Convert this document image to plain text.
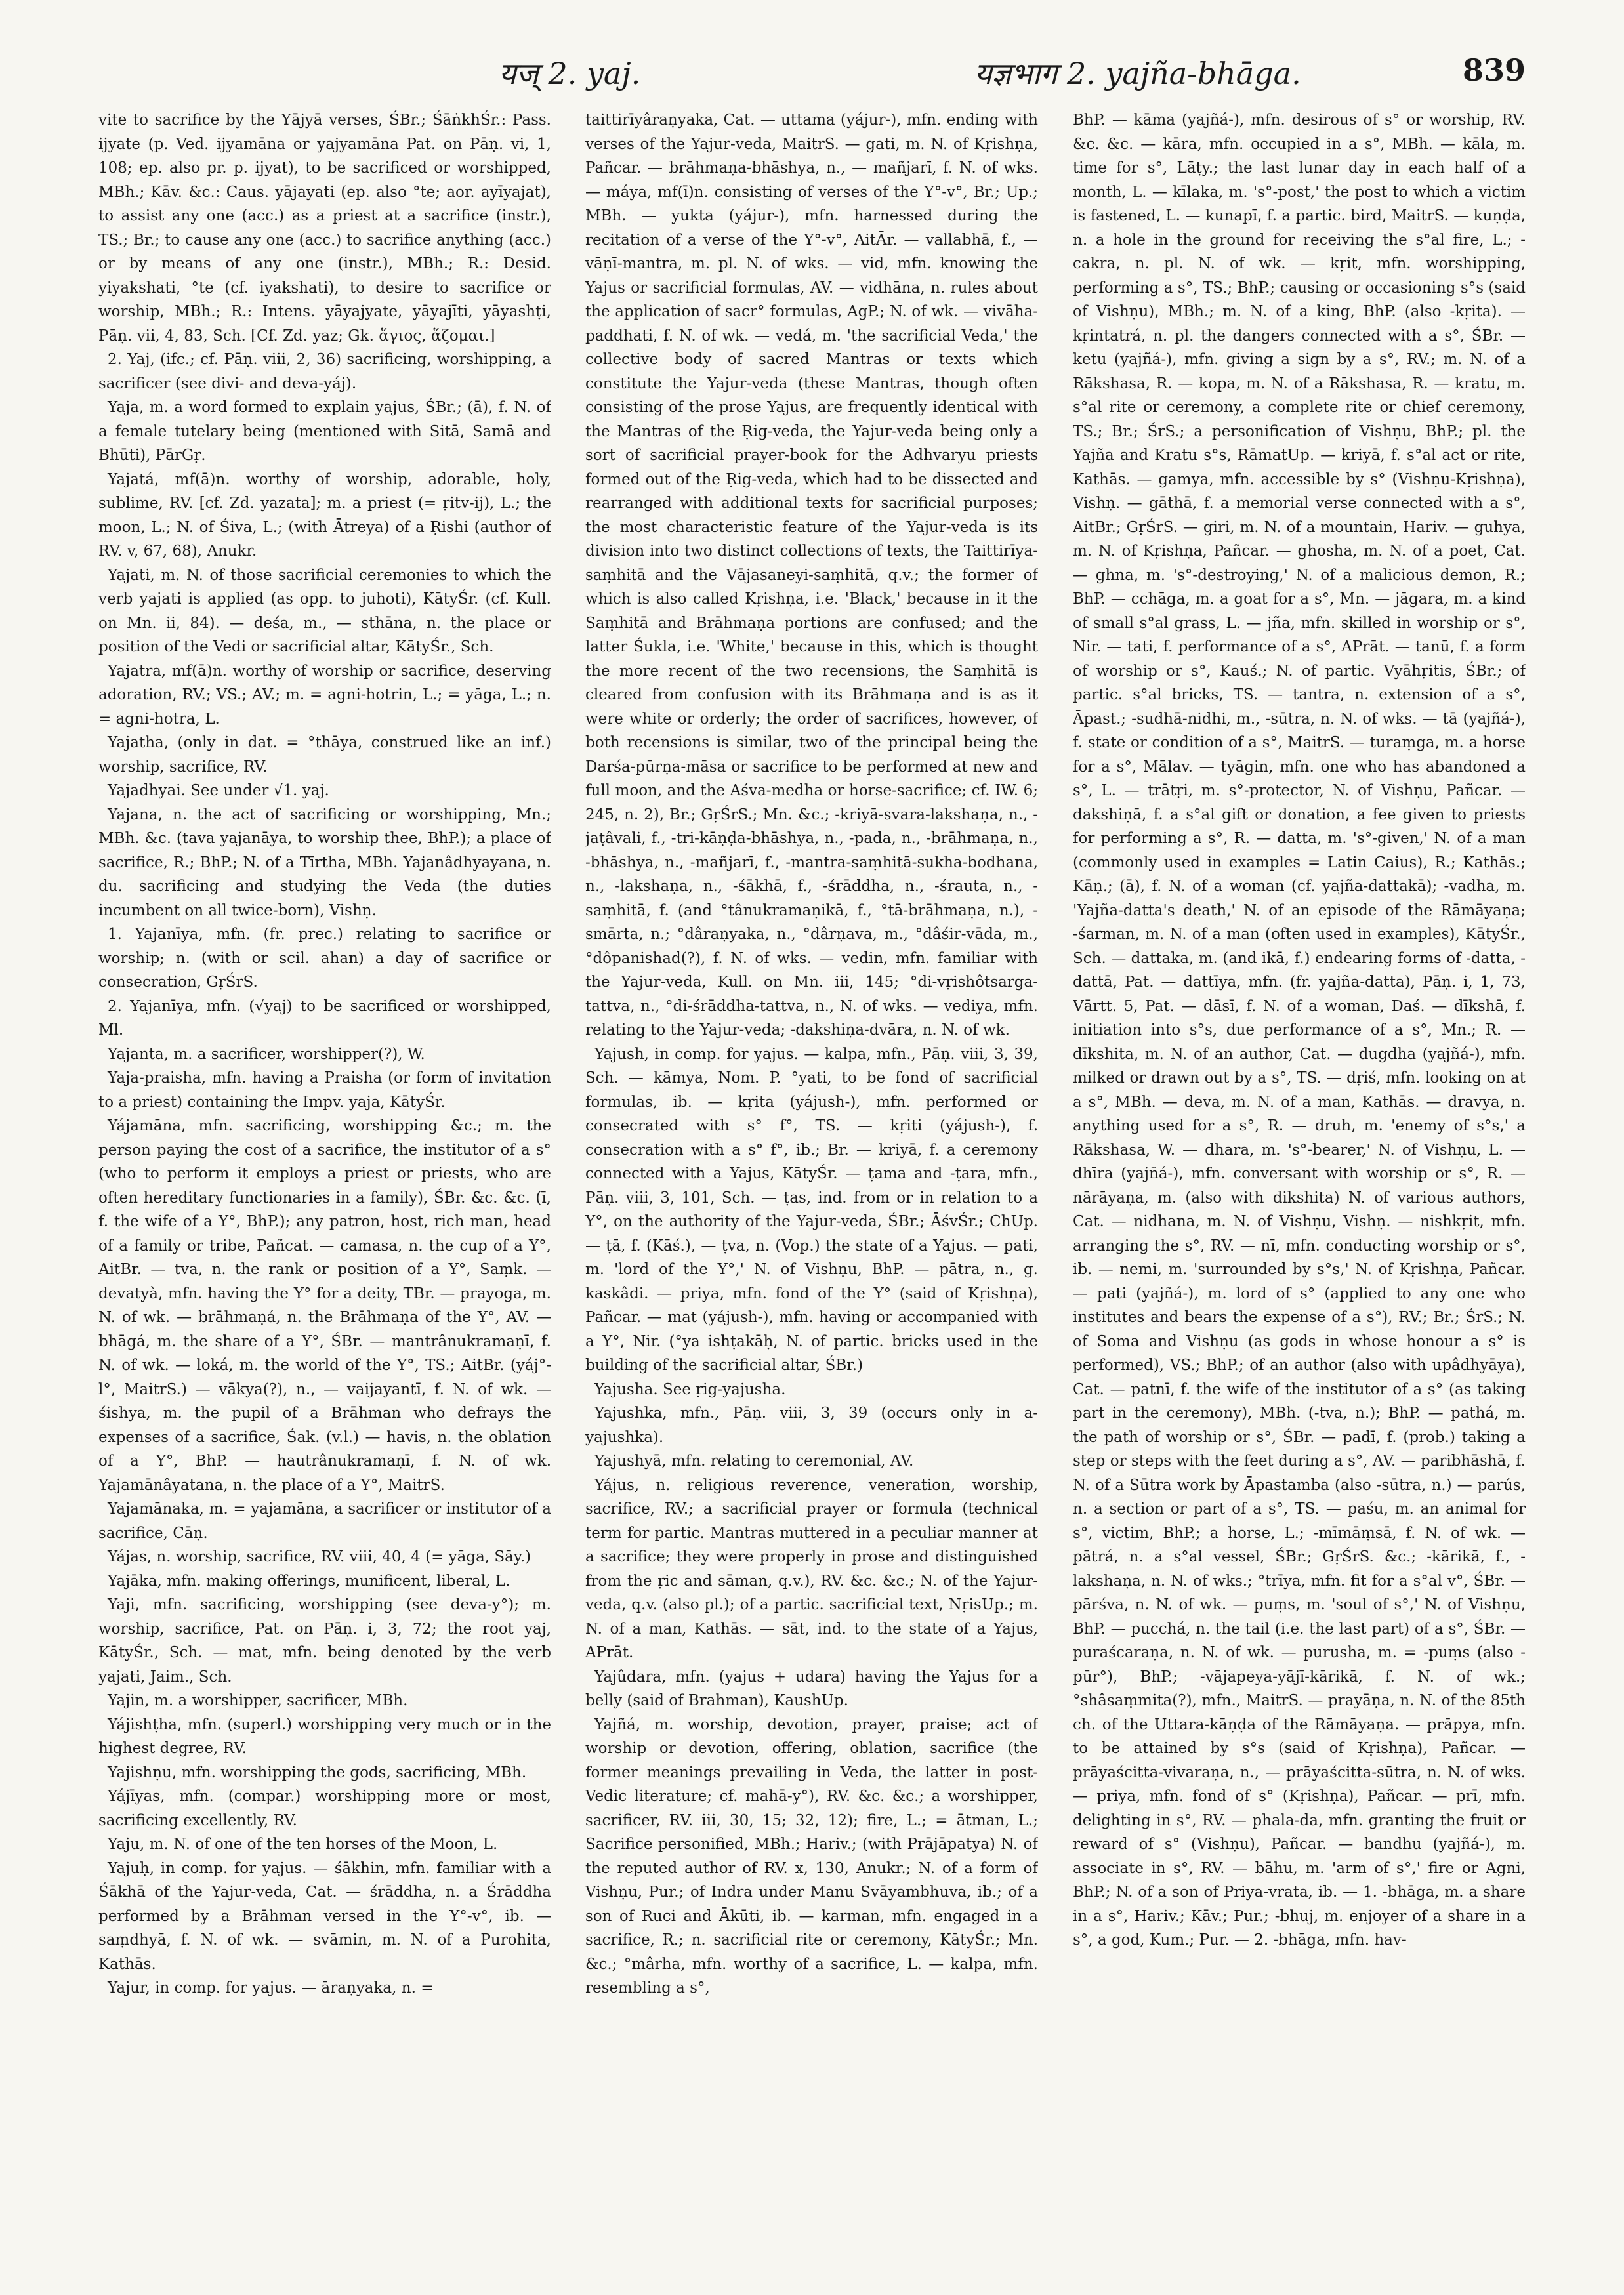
यज् 2. yaj.	यज्ञभाग 2. yajña-bhāga.	839

vite to sacrifice by the Yājyā verses, ŚBr.; ŚāṅkhŚr.: Pass. ijyate (p. Ved. ijyamāna or yajyamāna Pat. on Pāṇ. vi, 1, 108; ep. also pr. p. ijyat), to be sacrificed or worshipped, MBh.; Kāv. &c.: Caus. yājayati (ep. also °te; aor. ayīyajat), to assist any one (acc.) as a priest at a sacrifice (instr.), TS.; Br.; to cause any one (acc.) to sacrifice anything (acc.) or by means of any one (instr.), MBh.; R.: Desid. yiyakshati, °te (cf. iyakshati), to desire to sacrifice or worship, MBh.; R.: Intens. yāyajyate, yāyajīti, yāyashṭi, Pāṇ. vii, 4, 83, Sch. [Cf. Zd. yaz; Gk. ἅγιος, ἅζομαι.]

2. Yaj, (ifc.; cf. Pāṇ. viii, 2, 36) sacrificing, worshipping, a sacrificer (see divi- and deva-yáj).

Yaja, m. a word formed to explain yajus, ŚBr.; (ā), f. N. of a female tutelary being (mentioned with Sitā, Samā and Bhūti), PārGṛ.

Yajatá, mf(ā)n. worthy of worship, adorable, holy, sublime, RV. [cf. Zd. yazata]; m. a priest (= ṛitv-ij), L.; the moon, L.; N. of Śiva, L.; (with Ātreya) of a Ṛishi (author of RV. v, 67, 68), Anukr.

Yajati, m. N. of those sacrificial ceremonies to which the verb yajati is applied (as opp. to juhoti), KātyŚr. (cf. Kull. on Mn. ii, 84). — deśa, m., — sthāna, n. the place or position of the Vedi or sacrificial altar, KātyŚr., Sch.

Yajatra, mf(ā)n. worthy of worship or sacrifice, deserving adoration, RV.; VS.; AV.; m. = agni-hotrin, L.; = yāga, L.; n. = agni-hotra, L.

Yajatha, (only in dat. = °thāya, construed like an inf.) worship, sacrifice, RV.

Yajadhyai. See under √1. yaj.

Yajana, n. the act of sacrificing or worshipping, Mn.; MBh. &c. (tava yajanāya, to worship thee, BhP.); a place of sacrifice, R.; BhP.; N. of a Tīrtha, MBh. Yajanâdhyayana, n. du. sacrificing and studying the Veda (the duties incumbent on all twice-born), Vishṇ.

1. Yajanīya, mfn. (fr. prec.) relating to sacrifice or worship; n. (with or scil. ahan) a day of sacrifice or consecration, GṛŚrS.

2. Yajanīya, mfn. (√yaj) to be sacrificed or worshipped, Ml.

Yajanta, m. a sacrificer, worshipper(?), W.

Yaja-praisha, mfn. having a Praisha (or form of invitation to a priest) containing the Impv. yaja, KātyŚr.

Yájamāna, mfn. sacrificing, worshipping &c.; m. the person paying the cost of a sacrifice, the institutor of a s° (who to perform it employs a priest or priests, who are often hereditary functionaries in a family), ŚBr. &c. &c. (ī, f. the wife of a Y°, BhP.); any patron, host, rich man, head of a family or tribe, Pañcat. — camasa, n. the cup of a Y°, AitBr. — tva, n. the rank or position of a Y°, Saṃk. — devatyà, mfn. having the Y° for a deity, TBr. — prayoga, m. N. of wk. — brāhmaṇá, n. the Brāhmaṇa of the Y°, AV. — bhāgá, m. the share of a Y°, ŚBr. — mantrânukramaṇī, f. N. of wk. — loká, m. the world of the Y°, TS.; AitBr. (yáj°-l°, MaitrS.) — vākya(?), n., — vaijayantī, f. N. of wk. — śishya, m. the pupil of a Brāhman who defrays the expenses of a sacrifice, Śak. (v.l.) — havis, n. the oblation of a Y°, BhP. — hautrânukramaṇī, f. N. of wk. Yajamānâyatana, n. the place of a Y°, MaitrS.

Yajamānaka, m. = yajamāna, a sacrificer or institutor of a sacrifice, Cāṇ.

Yájas, n. worship, sacrifice, RV. viii, 40, 4 (= yāga, Sāy.)

Yajāka, mfn. making offerings, munificent, liberal, L.

Yaji, mfn. sacrificing, worshipping (see deva-y°); m. worship, sacrifice, Pat. on Pāṇ. i, 3, 72; the root yaj, KātyŚr., Sch. — mat, mfn. being denoted by the verb yajati, Jaim., Sch.

Yajin, m. a worshipper, sacrificer, MBh.

Yájishṭha, mfn. (superl.) worshipping very much or in the highest degree, RV.

Yajishṇu, mfn. worshipping the gods, sacrificing, MBh.

Yájīyas, mfn. (compar.) worshipping more or most, sacrificing excellently, RV.

Yaju, m. N. of one of the ten horses of the Moon, L.

Yajuḥ, in comp. for yajus. — śākhin, mfn. familiar with a Śākhā of the Yajur-veda, Cat. — śrāddha, n. a Śrāddha performed by a Brāhman versed in the Y°-v°, ib. — saṃdhyā, f. N. of wk. — svāmin, m. N. of a Purohita, Kathās.

Yajur, in comp. for yajus. — āraṇyaka, n. =

taittirīyâraṇyaka, Cat. — uttama (yájur-), mfn. ending with verses of the Yajur-veda, MaitrS. — gati, m. N. of Kṛishṇa, Pañcar. — brāhmaṇa-bhāshya, n., — mañjarī, f. N. of wks. — máya, mf(ī)n. consisting of verses of the Y°-v°, Br.; Up.; MBh. — yukta (yájur-), mfn. harnessed during the recitation of a verse of the Y°-v°, AitĀr. — vallabhā, f., — vāṇī-mantra, m. pl. N. of wks. — vid, mfn. knowing the Yajus or sacrificial formulas, AV. — vidhāna, n. rules about the application of sacr° formulas, AgP.; N. of wk. — vivāha-paddhati, f. N. of wk. — vedá, m. 'the sacrificial Veda,' the collective body of sacred Mantras or texts which constitute the Yajur-veda (these Mantras, though often consisting of the prose Yajus, are frequently identical with the Mantras of the Ṛig-veda, the Yajur-veda being only a sort of sacrificial prayer-book for the Adhvaryu priests formed out of the Ṛig-veda, which had to be dissected and rearranged with additional texts for sacrificial purposes; the most characteristic feature of the Yajur-veda is its division into two distinct collections of texts, the Taittirīya-saṃhitā and the Vājasaneyi-saṃhitā, q.v.; the former of which is also called Kṛishṇa, i.e. 'Black,' because in it the Saṃhitā and Brāhmaṇa portions are confused; and the latter Śukla, i.e. 'White,' because in this, which is thought the more recent of the two recensions, the Saṃhitā is cleared from confusion with its Brāhmaṇa and is as it were white or orderly; the order of sacrifices, however, of both recensions is similar, two of the principal being the Darśa-pūrṇa-māsa or sacrifice to be performed at new and full moon, and the Aśva-medha or horse-sacrifice; cf. IW. 6; 245, n. 2), Br.; GṛŚrS.; Mn. &c.; -kriyā-svara-lakshaṇa, n., -jaṭâvali, f., -tri-kāṇḍa-bhāshya, n., -pada, n., -brāhmaṇa, n., -bhāshya, n., -mañjarī, f., -mantra-saṃhitā-sukha-bodhana, n., -lakshaṇa, n., -śākhā, f., -śrāddha, n., -śrauta, n., -saṃhitā, f. (and °tânukramaṇikā, f., °tā-brāhmaṇa, n.), -smārta, n.; °dâraṇyaka, n., °dârṇava, m., °dâśir-vāda, m., °dôpanishad(?), f. N. of wks. — vedin, mfn. familiar with the Yajur-veda, Kull. on Mn. iii, 145; °di-vṛishôtsarga-tattva, n., °di-śrāddha-tattva, n., N. of wks. — vediya, mfn. relating to the Yajur-veda; -dakshiṇa-dvāra, n. N. of wk.

Yajush, in comp. for yajus. — kalpa, mfn., Pāṇ. viii, 3, 39, Sch. — kāmya, Nom. P. °yati, to be fond of sacrificial formulas, ib. — kṛita (yájush-), mfn. performed or consecrated with s° f°, TS. — kṛiti (yájush-), f. consecration with a s° f°, ib.; Br. — kriyā, f. a ceremony connected with a Yajus, KātyŚr. — ṭama and -ṭara, mfn., Pāṇ. viii, 3, 101, Sch. — ṭas, ind. from or in relation to a Y°, on the authority of the Yajur-veda, ŚBr.; ĀśvŚr.; ChUp. — ṭā, f. (Kāś.), — ṭva, n. (Vop.) the state of a Yajus. — pati, m. 'lord of the Y°,' N. of Vishṇu, BhP. — pātra, n., g. kaskâdi. — priya, mfn. fond of the Y° (said of Kṛishṇa), Pañcar. — mat (yájush-), mfn. having or accompanied with a Y°, Nir. (°ya ishṭakāḥ, N. of partic. bricks used in the building of the sacrificial altar, ŚBr.)

Yajusha. See ṛig-yajusha.

Yajushka, mfn., Pāṇ. viii, 3, 39 (occurs only in a-yajushka).

Yajushyā, mfn. relating to ceremonial, AV.

Yájus, n. religious reverence, veneration, worship, sacrifice, RV.; a sacrificial prayer or formula (technical term for partic. Mantras muttered in a peculiar manner at a sacrifice; they were properly in prose and distinguished from the ṛic and sāman, q.v.), RV. &c. &c.; N. of the Yajur-veda, q.v. (also pl.); of a partic. sacrificial text, NṛisUp.; m. N. of a man, Kathās. — sāt, ind. to the state of a Yajus, APrāt.

Yajûdara, mfn. (yajus + udara) having the Yajus for a belly (said of Brahman), KaushUp.

Yajñá, m. worship, devotion, prayer, praise; act of worship or devotion, offering, oblation, sacrifice (the former meanings prevailing in Veda, the latter in post-Vedic literature; cf. mahā-y°), RV. &c. &c.; a worshipper, sacrificer, RV. iii, 30, 15; 32, 12); fire, L.; = ātman, L.; Sacrifice personified, MBh.; Hariv.; (with Prājāpatya) N. of the reputed author of RV. x, 130, Anukr.; N. of a form of Vishṇu, Pur.; of Indra under Manu Svāyambhuva, ib.; of a son of Ruci and Ākūti, ib. — karman, mfn. engaged in a sacrifice, R.; n. sacrificial rite or ceremony, KātyŚr.; Mn. &c.; °mârha, mfn. worthy of a sacrifice, L. — kalpa, mfn. resembling a s°,

BhP. — kāma (yajñá-), mfn. desirous of s° or worship, RV. &c. &c. — kāra, mfn. occupied in a s°, MBh. — kāla, m. time for s°, Lāṭy.; the last lunar day in each half of a month, L. — kīlaka, m. 's°-post,' the post to which a victim is fastened, L. — kunapī, f. a partic. bird, MaitrS. — kuṇḍa, n. a hole in the ground for receiving the s°al fire, L.; -cakra, n. pl. N. of wk. — kṛit, mfn. worshipping, performing a s°, TS.; BhP.; causing or occasioning s°s (said of Vishṇu), MBh.; m. N. of a king, BhP. (also -kṛita). — kṛintatrá, n. pl. the dangers connected with a s°, ŚBr. — ketu (yajñá-), mfn. giving a sign by a s°, RV.; m. N. of a Rākshasa, R. — kopa, m. N. of a Rākshasa, R. — kratu, m. s°al rite or ceremony, a complete rite or chief ceremony, TS.; Br.; ŚrS.; a personification of Vishṇu, BhP.; pl. the Yajña and Kratu s°s, RāmatUp. — kriyā, f. s°al act or rite, Kathās. — gamya, mfn. accessible by s° (Vishṇu-Kṛishṇa), Vishṇ. — gāthā, f. a memorial verse connected with a s°, AitBr.; GṛŚrS. — giri, m. N. of a mountain, Hariv. — guhya, m. N. of Kṛishṇa, Pañcar. — ghosha, m. N. of a poet, Cat. — ghna, m. 's°-destroying,' N. of a malicious demon, R.; BhP. — cchāga, m. a goat for a s°, Mn. — jāgara, m. a kind of small s°al grass, L. — jña, mfn. skilled in worship or s°, Nir. — tati, f. performance of a s°, APrāt. — tanū, f. a form of worship or s°, Kauś.; N. of partic. Vyāhṛitis, ŚBr.; of partic. s°al bricks, TS. — tantra, n. extension of a s°, Āpast.; -sudhā-nidhi, m., -sūtra, n. N. of wks. — tā (yajñá-), f. state or condition of a s°, MaitrS. — turaṃga, m. a horse for a s°, Mālav. — tyāgin, mfn. one who has abandoned a s°, L. — trātṛi, m. s°-protector, N. of Vishṇu, Pañcar. — dakshiṇā, f. a s°al gift or donation, a fee given to priests for performing a s°, R. — datta, m. 's°-given,' N. of a man (commonly used in examples = Latin Caius), R.; Kathās.; Kāṇ.; (ā), f. N. of a woman (cf. yajña-dattakā); -vadha, m. 'Yajña-datta's death,' N. of an episode of the Rāmāyaṇa; -śarman, m. N. of a man (often used in examples), KātyŚr., Sch. — dattaka, m. (and ikā, f.) endearing forms of -datta, -dattā, Pat. — dattīya, mfn. (fr. yajña-datta), Pāṇ. i, 1, 73, Vārtt. 5, Pat. — dāsī, f. N. of a woman, Daś. — dīkshā, f. initiation into s°s, due performance of a s°, Mn.; R. — dīkshita, m. N. of an author, Cat. — dugdha (yajñá-), mfn. milked or drawn out by a s°, TS. — dṛiś, mfn. looking on at a s°, MBh. — deva, m. N. of a man, Kathās. — dravya, n. anything used for a s°, R. — druh, m. 'enemy of s°s,' a Rākshasa, W. — dhara, m. 's°-bearer,' N. of Vishṇu, L. — dhīra (yajñá-), mfn. conversant with worship or s°, R. — nārāyaṇa, m. (also with dikshita) N. of various authors, Cat. — nidhana, m. N. of Vishṇu, Vishṇ. — nishkṛit, mfn. arranging the s°, RV. — nī, mfn. conducting worship or s°, ib. — nemi, m. 'surrounded by s°s,' N. of Kṛishṇa, Pañcar. — pati (yajñá-), m. lord of s° (applied to any one who institutes and bears the expense of a s°), RV.; Br.; ŚrS.; N. of Soma and Vishṇu (as gods in whose honour a s° is performed), VS.; BhP.; of an author (also with upâdhyāya), Cat. — patnī, f. the wife of the institutor of a s° (as taking part in the ceremony), MBh. (-tva, n.); BhP. — pathá, m. the path of worship or s°, ŚBr. — padī, f. (prob.) taking a step or steps with the feet during a s°, AV. — paribhāshā, f. N. of a Sūtra work by Āpastamba (also -sūtra, n.) — parús, n. a section or part of a s°, TS. — paśu, m. an animal for s°, victim, BhP.; a horse, L.; -mīmāṃsā, f. N. of wk. — pātrá, n. a s°al vessel, ŚBr.; GṛŚrS. &c.; -kārikā, f., -lakshaṇa, n. N. of wks.; °trīya, mfn. fit for a s°al v°, ŚBr. — pārśva, n. N. of wk. — puṃs, m. 'soul of s°,' N. of Vishṇu, BhP. — pucchá, n. the tail (i.e. the last part) of a s°, ŚBr. — puraścaraṇa, n. N. of wk. — purusha, m. = -puṃs (also -pūr°), BhP.; -vājapeya-yājī-kārikā, f. N. of wk.; °shâsaṃmita(?), mfn., MaitrS. — prayāṇa, n. N. of the 85th ch. of the Uttara-kāṇḍa of the Rāmāyaṇa. — prāpya, mfn. to be attained by s°s (said of Kṛishṇa), Pañcar. — prāyaścitta-vivaraṇa, n., — prāyaścitta-sūtra, n. N. of wks. — priya, mfn. fond of s° (Kṛishṇa), Pañcar. — prī, mfn. delighting in s°, RV. — phala-da, mfn. granting the fruit or reward of s° (Vishṇu), Pañcar. — bandhu (yajñá-), m. associate in s°, RV. — bāhu, m. 'arm of s°,' fire or Agni, BhP.; N. of a son of Priya-vrata, ib. — 1. -bhāga, m. a share in a s°, Hariv.; Kāv.; Pur.; -bhuj, m. enjoyer of a share in a s°, a god, Kum.; Pur. — 2. -bhāga, mfn. hav-
